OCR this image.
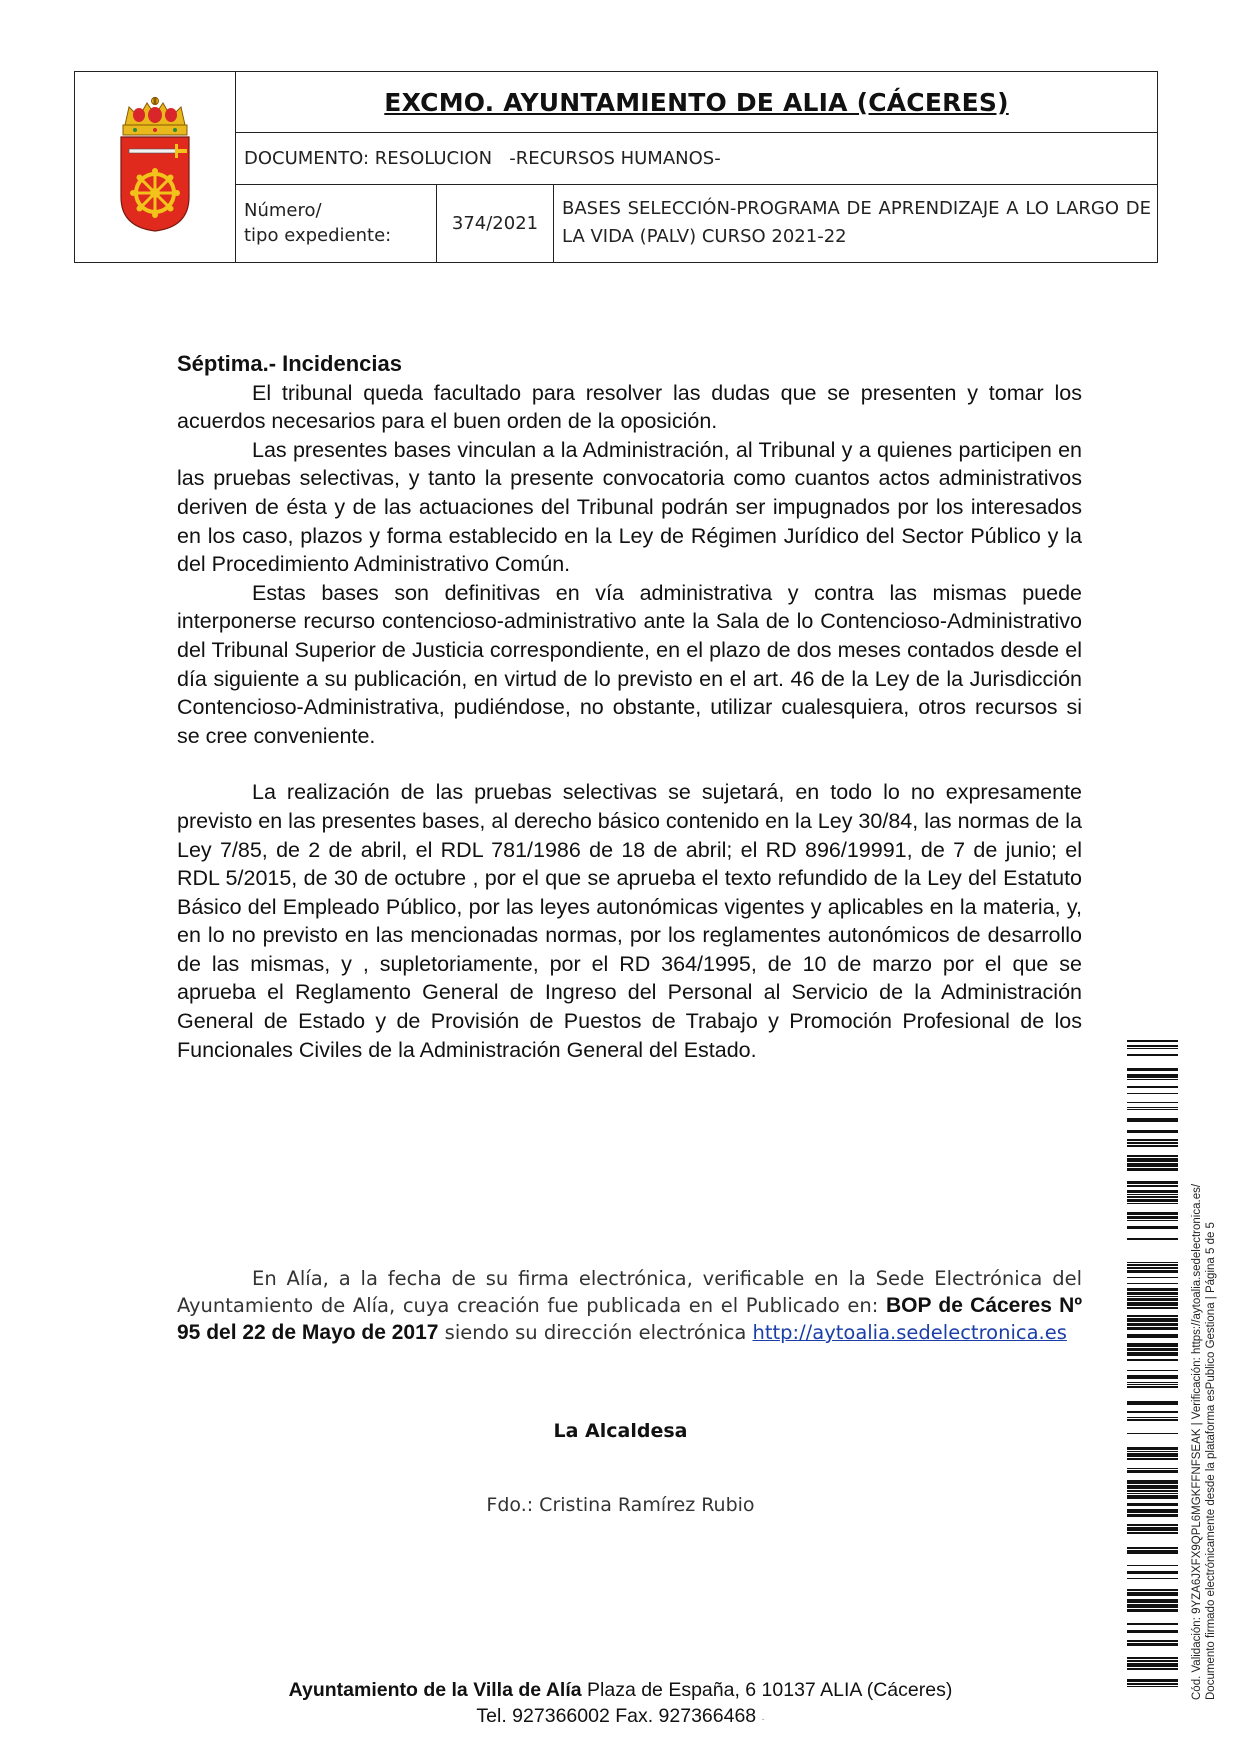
	EXCMO. AYUNTAMIENTO DE ALIA (CÁCERES)		
	DOCUMENTO: RESOLUCION   -RECURSOS HUMANOS-		

	Número/
tipo expediente:	374/2021	BASES SELECCIÓN-PROGRAMA DE APRENDIZAJE A LO LARGO DE LA VIDA (PALV) CURSO 2021-22
Séptima.- Incidencias

El tribunal queda facultado para resolver las dudas que se presenten y tomar los acuerdos necesarios para el buen orden de la oposición.

Las presentes bases vinculan a la Administración, al Tribunal y a quienes participen en las pruebas selectivas, y tanto la presente convocatoria como cuantos actos administrativos deriven de ésta y de las actuaciones del Tribunal podrán ser impugnados por los interesados en los caso, plazos y forma establecido en la Ley de Régimen Jurídico del Sector Público y la del Procedimiento Administrativo Común.

Estas bases son definitivas en vía administrativa y contra las mismas puede interponerse recurso contencioso-administrativo ante la Sala de lo Contencioso-Administrativo del Tribunal Superior de Justicia correspondiente, en el plazo de dos meses contados desde el día siguiente a su publicación, en virtud de lo previsto en el art. 46 de la Ley de la Jurisdicción Contencioso-Administrativa, pudiéndose, no obstante, utilizar cualesquiera, otros recursos si se cree conveniente.

La realización de las pruebas selectivas se sujetará, en todo lo no expresamente previsto en las presentes bases, al derecho básico contenido en la Ley 30/84, las normas de la Ley 7/85, de 2 de abril, el RDL 781/1986 de 18 de abril; el RD 896/19991, de 7 de junio; el RDL 5/2015, de 30 de octubre , por el que se aprueba el texto refundido de la Ley del Estatuto Básico del Empleado Público, por las leyes autonómicas vigentes y aplicables en la materia, y, en lo no previsto en las mencionadas normas, por los reglamentes autonómicos de desarrollo de las mismas, y , supletoriamente, por el RD 364/1995, de 10 de marzo por el que se aprueba el Reglamento General de Ingreso del Personal al Servicio de la Administración General de Estado y de Provisión de Puestos de Trabajo y Promoción Profesional de los Funcionales Civiles de la Administración General del Estado.

En Alía, a la fecha de su firma electrónica, verificable en la Sede Electrónica del Ayuntamiento de Alía, cuya creación fue publicada en el Publicado en: BOP de Cáceres Nº 95 del 22 de Mayo de 2017 siendo su dirección electrónica http://aytoalia.sedelectronica.es

La Alcaldesa
Fdo.: Cristina Ramírez Rubio
Ayuntamiento de la Villa de Alía Plaza de España, 6 10137 ALIA (Cáceres)
Tel. 927366002 Fax. 927366468 -
Cód. Validación: 9YZA6JXFX9QPL6MGKFFNFSEAK | Verificación: https://aytoalia.sedelectronica.es/ Documento firmado electrónicamente desde la plataforma esPublico Gestiona | Página 5 de 5
